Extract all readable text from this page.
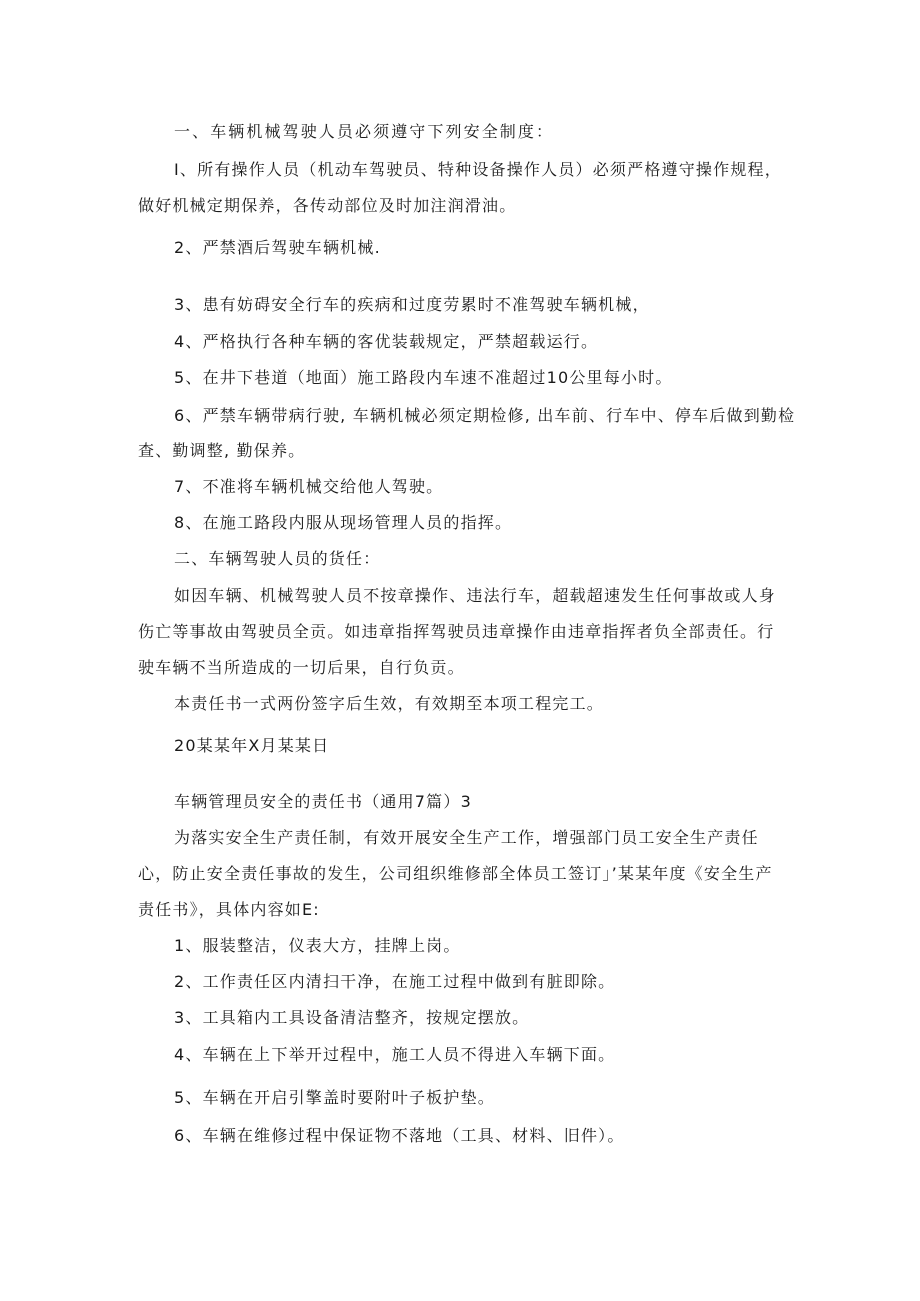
一、车辆机械驾驶人员必须遵守下列安全制度：
I、所有操作人员（机动车驾驶员、特种设备操作人员）必须严格遵守操作规程，
做好机械定期保养，各传动部位及时加注润滑油。
2、严禁酒后驾驶车辆机械.
3、患有妨碍安全行车的疾病和过度劳累时不准驾驶车辆机械，
4、严格执行各种车辆的客优装载规定，严禁超载运行。
5、在井下巷道（地面）施工路段内车速不准超过10公里每小时。
6、严禁车辆带病行驶, 车辆机械必须定期检修, 出车前、行车中、停车后做到勤检
查、勤调整, 勤保养。
7、不准将车辆机械交给他人驾驶。
8、在施工路段内服从现场管理人员的指挥。
二、车辆驾驶人员的货任：
如因车辆、机械驾驶人员不按章操作、违法行车，超载超速发生任何事故或人身
伤亡等事故由驾驶员全贡。如违章指挥驾驶员违章操作由违章指挥者负全部责任。行
驶车辆不当所造成的一切后果，自行负贡。
本责任书一式两份签字后生效，有效期至本项工程完工。
20某某年X月某某日
车辆管理员安全的责任书（通用7篇）3
为落实安全生产责任制，有效开展安全生产工作，增强部门员工安全生产责任
心，防止安全责任事故的发生，公司组织维修部全体员工签订」’某某年度《安全生产
责任书》，具体内容如E:
1、服装整洁，仪表大方，挂牌上岗。
2、工作责任区内清扫干净，在施工过程中做到有脏即除。
3、工具箱内工具设备清洁整齐，按规定摆放。
4、车辆在上下举开过程中，施工人员不得进入车辆下面。
5、车辆在开启引擎盖时要附叶子板护垫。
6、车辆在维修过程中保证物不落地（工具、材料、旧件）。
